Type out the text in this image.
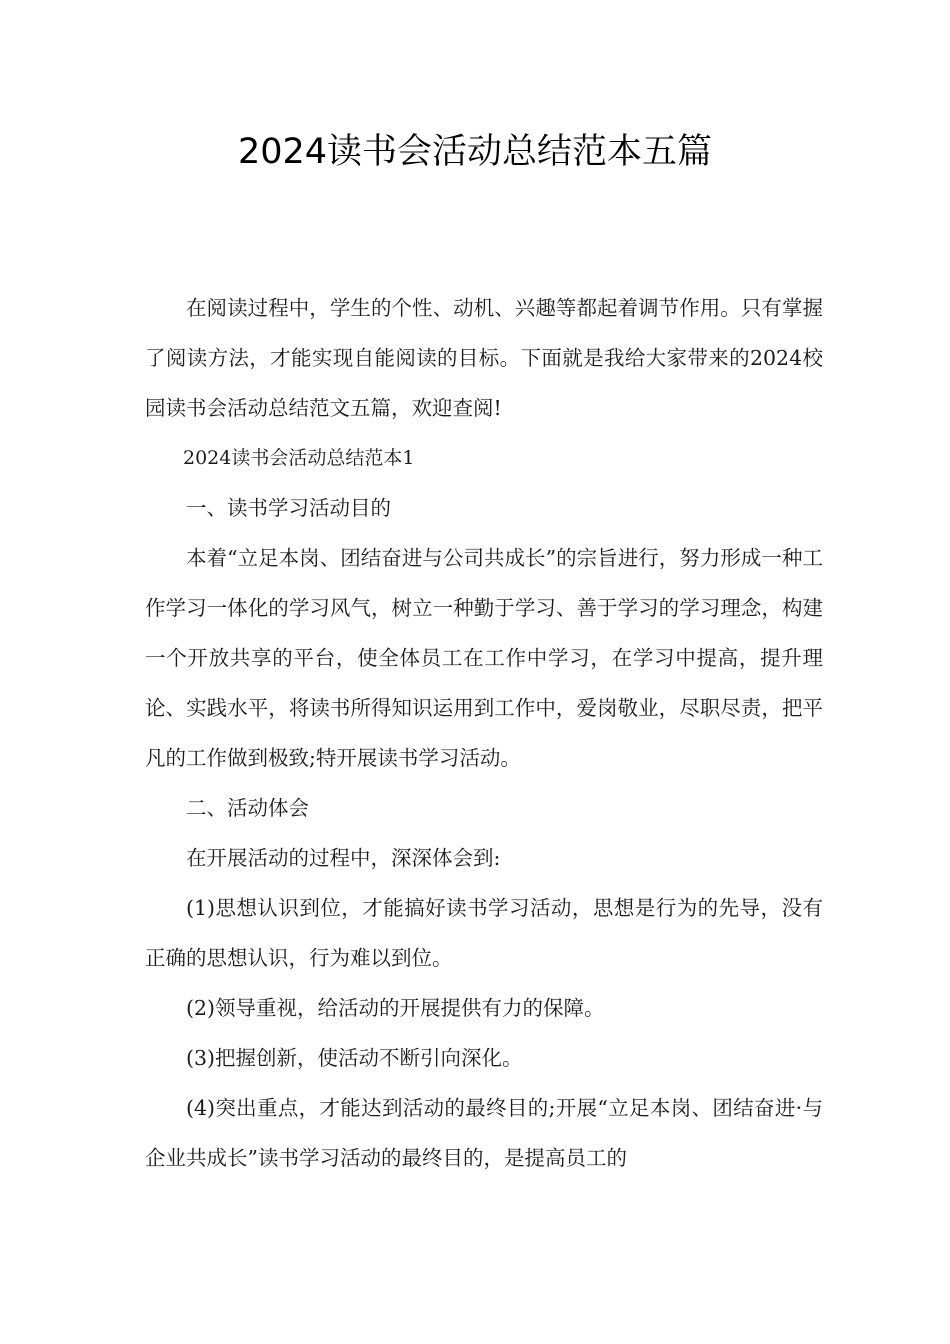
2024读书会活动总结范本五篇

在阅读过程中，学生的个性、动机、兴趣等都起着调节作用。只有掌握了阅读方法，才能实现自能阅读的目标。下面就是我给大家带来的2024校园读书会活动总结范文五篇，欢迎查阅!

2024读书会活动总结范本1

一、读书学习活动目的

本着“立足本岗、团结奋进与公司共成长”的宗旨进行，努力形成一种工作学习一体化的学习风气，树立一种勤于学习、善于学习的学习理念，构建一个开放共享的平台，使全体员工在工作中学习，在学习中提高，提升理论、实践水平，将读书所得知识运用到工作中，爱岗敬业，尽职尽责，把平凡的工作做到极致;特开展读书学习活动。

二、活动体会

在开展活动的过程中，深深体会到:

(1)思想认识到位，才能搞好读书学习活动，思想是行为的先导，没有正确的思想认识，行为难以到位。

(2)领导重视，给活动的开展提供有力的保障。

(3)把握创新，使活动不断引向深化。

(4)突出重点，才能达到活动的最终目的;开展“立足本岗、团结奋进·与企业共成长”读书学习活动的最终目的，是提高员工的
